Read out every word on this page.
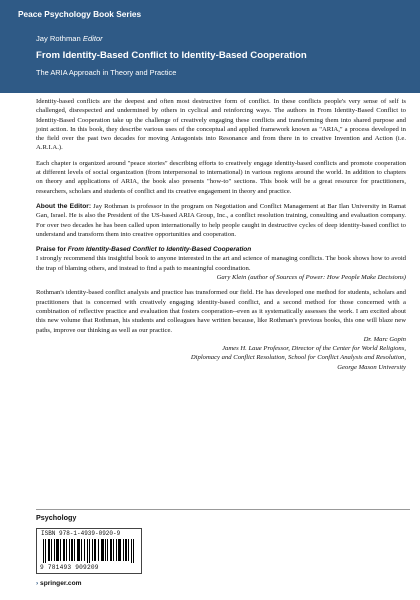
Peace Psychology Book Series
Jay Rothman Editor
From Identity-Based Conflict to Identity-Based Cooperation
The ARIA Approach in Theory and Practice

Identity-based conflicts are the deepest and often most destructive form of conflict. In these conflicts people's very sense of self is challenged, disrespected and undermined by others in cyclical and reinforcing ways. The authors in From Identity-Based Conflict to Identity-Based Cooperation take up the challenge of creatively engaging these conflicts and transforming them into shared purpose and joint action. In this book, they describe various uses of the conceptual and applied framework known as "ARIA," a process developed in the field over the past two decades for moving Antagonists into Resonance and from there in to creative Invention and Action (i.e. A.R.I.A.).

Each chapter is organized around "peace stories" describing efforts to creatively engage identity-based conflicts and promote cooperation at different levels of social organization (from interpersonal to international) in various regions around the world. In addition to chapters on theory and applications of ARIA, the book also presents "how-to" sections. This book will be a great resource for practitioners, researchers, scholars and students of conflict and its creative engagement in theory and practice.

About the Editor: Jay Rothman is professor in the program on Negotiation and Conflict Management at Bar Ilan University in Ramat Gan, Israel. He is also the President of the US-based ARIA Group, Inc., a conflict resolution training, consulting and evaluation company. For over two decades he has been called upon internationally to help people caught in destructive cycles of deep identity-based conflict to understand and transform them into creative opportunities and cooperation.

Praise for From Identity-Based Conflict to Identity-Based Cooperation

I strongly recommend this insightful book to anyone interested in the art and science of managing conflicts. The book shows how to avoid the trap of blaming others, and instead to find a path to meaningful coordination.

Gary Klein (author of Sources of Power: How People Make Decisions)

Rothman's identity-based conflict analysis and practice has transformed our field. He has developed one method for students, scholars and practitioners that is concerned with creatively engaging identity-based conflict, and a second method for those concerned with a combination of reflective practice and evaluation that fosters cooperation--even as it systematically assesses the work. I am excited about this new volume that Rothman, his students and colleagues have written because, like Rothman's previous books, this one will blaze new paths, improve our thinking as well as our practice.

Dr. Marc Gopin

James H. Laue Professor, Director of the Center for World Religions,

Diplomacy and Conflict Resolution, School for Conflict Analysis and Resolution,

George Mason University

Psychology
ISBN 978-1-4939-0920-9
9 781493 909209
› springer.com
